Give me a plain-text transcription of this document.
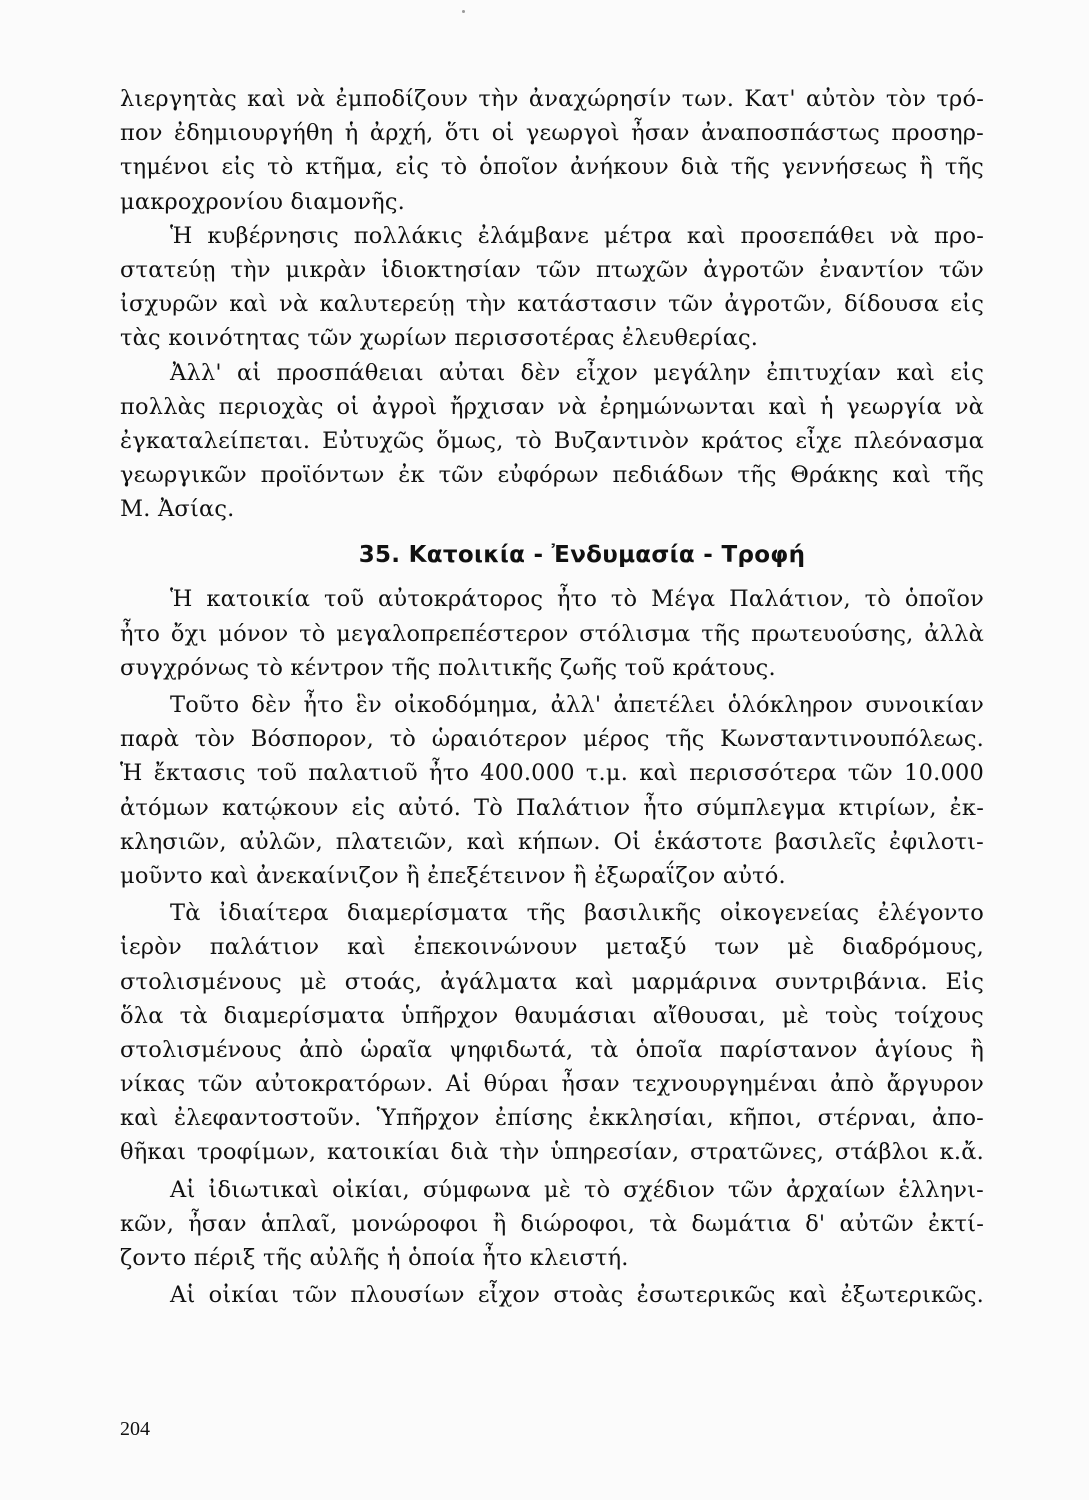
λιεργητὰς καὶ νὰ ἐμποδίζουν τὴν ἀναχώρησίν των. Κατ' αὐτὸν τὸν τρό-
πον ἐδημιουργήθη ἡ ἀρχή, ὅτι οἱ γεωργοὶ ἦσαν ἀναποσπάστως προσηρ-
τημένοι εἰς τὸ κτῆμα, εἰς τὸ ὁποῖον ἀνήκουν διὰ τῆς γεννήσεως ἢ τῆς
μακροχρονίου διαμονῆς.
Ἡ κυβέρνησις πολλάκις ἐλάμβανε μέτρα καὶ προσεπάθει νὰ προ-
στατεύῃ τὴν μικρὰν ἰδιοκτησίαν τῶν πτωχῶν ἀγροτῶν ἐναντίον τῶν
ἰσχυρῶν καὶ νὰ καλυτερεύῃ τὴν κατάστασιν τῶν ἀγροτῶν, δίδουσα εἰς
τὰς κοινότητας τῶν χωρίων περισσοτέρας ἐλευθερίας.
Ἀλλ' αἱ προσπάθειαι αὐται δὲν εἶχον μεγάλην ἐπιτυχίαν καὶ εἰς
πολλὰς περιοχὰς οἱ ἀγροὶ ἤρχισαν νὰ ἐρημώνωνται καὶ ἡ γεωργία νὰ
ἐγκαταλείπεται. Εὐτυχῶς ὅμως, τὸ Βυζαντινὸν κράτος εἶχε πλεόνασμα
γεωργικῶν προϊόντων ἐκ τῶν εὐφόρων πεδιάδων τῆς Θράκης καὶ τῆς
Μ. Ἀσίας.
35. Κατοικία - Ἐνδυμασία - Τροφή
Ἡ κατοικία τοῦ αὐτοκράτορος ἦτο τὸ Μέγα Παλάτιον, τὸ ὁποῖον
ἦτο ὄχι μόνον τὸ μεγαλοπρεπέστερον στόλισμα τῆς πρωτευούσης, ἀλλὰ
συγχρόνως τὸ κέντρον τῆς πολιτικῆς ζωῆς τοῦ κράτους.
Τοῦτο δὲν ἦτο ἓν οἰκοδόμημα, ἀλλ' ἀπετέλει ὁλόκληρον συνοικίαν
παρὰ τὸν Βόσπορον, τὸ ὡραιότερον μέρος τῆς Κωνσταντινουπόλεως.
Ἡ ἔκτασις τοῦ παλατιοῦ ἦτο 400.000 τ.μ. καὶ περισσότερα τῶν 10.000
ἀτόμων κατῴκουν εἰς αὐτό. Τὸ Παλάτιον ἦτο σύμπλεγμα κτιρίων, ἐκ-
κλησιῶν, αὐλῶν, πλατειῶν, καὶ κήπων. Οἱ ἑκάστοτε βασιλεῖς ἐφιλοτι-
μοῦντο καὶ ἀνεκαίνιζον ἢ ἐπεξέτεινον ἢ ἐξωραΐζον αὐτό.
Τὰ ἰδιαίτερα διαμερίσματα τῆς βασιλικῆς οἰκογενείας ἐλέγοντο
ἱερὸν παλάτιον καὶ ἐπεκοινώνουν μεταξύ των μὲ διαδρόμους,
στολισμένους μὲ στοάς, ἀγάλματα καὶ μαρμάρινα συντριβάνια. Εἰς
ὅλα τὰ διαμερίσματα ὑπῆρχον θαυμάσιαι αἴθουσαι, μὲ τοὺς τοίχους
στολισμένους ἀπὸ ὡραῖα ψηφιδωτά, τὰ ὁποῖα παρίστανον ἁγίους ἢ
νίκας τῶν αὐτοκρατόρων. Αἱ θύραι ἦσαν τεχνουργημέναι ἀπὸ ἄργυρον
καὶ ἐλεφαντοστοῦν. Ὑπῆρχον ἐπίσης ἐκκλησίαι, κῆποι, στέρναι, ἀπο-
θῆκαι τροφίμων, κατοικίαι διὰ τὴν ὑπηρεσίαν, στρατῶνες, στάβλοι κ.ἄ.
Αἱ ἰδιωτικαὶ οἰκίαι, σύμφωνα μὲ τὸ σχέδιον τῶν ἀρχαίων ἑλληνι-
κῶν, ἦσαν ἁπλαῖ, μονώροφοι ἢ διώροφοι, τὰ δωμάτια δ' αὐτῶν ἐκτί-
ζοντο πέριξ τῆς αὐλῆς ἡ ὁποία ἦτο κλειστή.
Αἱ οἰκίαι τῶν πλουσίων εἶχον στοὰς ἐσωτερικῶς καὶ ἐξωτερικῶς.
204
